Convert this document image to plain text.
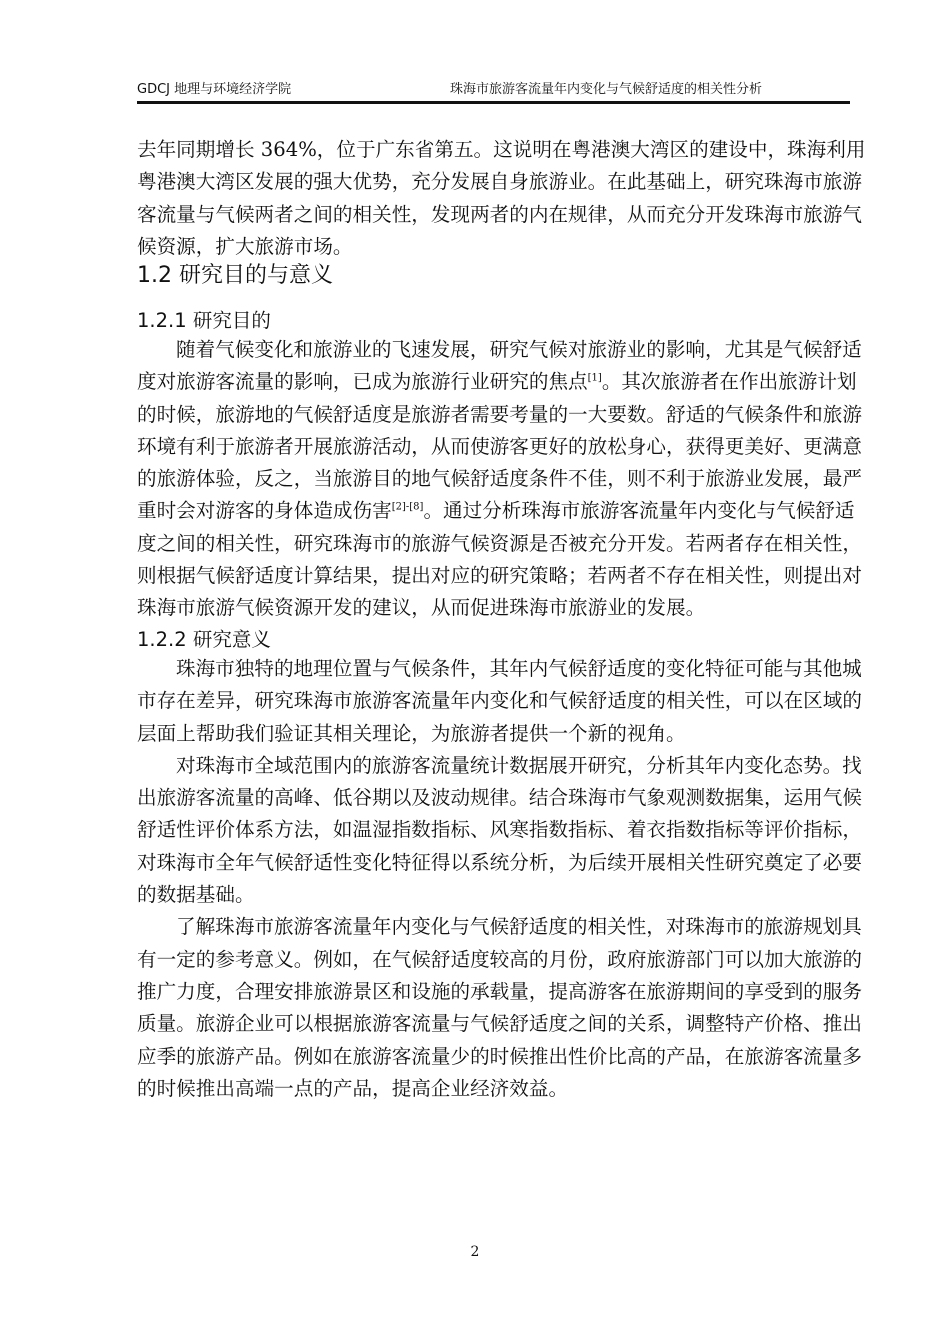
GDCJ 地理与环境经济学院	珠海市旅游客流量年内变化与气候舒适度的相关性分析
去年同期增长 364%，位于广东省第五。这说明在粤港澳大湾区的建设中，珠海利用
粤港澳大湾区发展的强大优势，充分发展自身旅游业。在此基础上，研究珠海市旅游
客流量与气候两者之间的相关性，发现两者的内在规律，从而充分开发珠海市旅游气
候资源，扩大旅游市场。
1.2 研究目的与意义
1.2.1 研究目的
随着气候变化和旅游业的飞速发展，研究气候对旅游业的影响，尤其是气候舒适
度对旅游客流量的影响，已成为旅游行业研究的焦点[1]。其次旅游者在作出旅游计划
的时候，旅游地的气候舒适度是旅游者需要考量的一大要数。舒适的气候条件和旅游
环境有利于旅游者开展旅游活动，从而使游客更好的放松身心，获得更美好、更满意
的旅游体验，反之，当旅游目的地气候舒适度条件不佳，则不利于旅游业发展，最严
重时会对游客的身体造成伤害[2]-[8]。通过分析珠海市旅游客流量年内变化与气候舒适
度之间的相关性，研究珠海市的旅游气候资源是否被充分开发。若两者存在相关性，
则根据气候舒适度计算结果，提出对应的研究策略；若两者不存在相关性，则提出对
珠海市旅游气候资源开发的建议，从而促进珠海市旅游业的发展。
1.2.2 研究意义
珠海市独特的地理位置与气候条件，其年内气候舒适度的变化特征可能与其他城
市存在差异，研究珠海市旅游客流量年内变化和气候舒适度的相关性，可以在区域的
层面上帮助我们验证其相关理论，为旅游者提供一个新的视角。
对珠海市全域范围内的旅游客流量统计数据展开研究，分析其年内变化态势。找
出旅游客流量的高峰、低谷期以及波动规律。结合珠海市气象观测数据集，运用气候
舒适性评价体系方法，如温湿指数指标、风寒指数指标、着衣指数指标等评价指标，
对珠海市全年气候舒适性变化特征得以系统分析，为后续开展相关性研究奠定了必要
的数据基础。
了解珠海市旅游客流量年内变化与气候舒适度的相关性，对珠海市的旅游规划具
有一定的参考意义。例如，在气候舒适度较高的月份，政府旅游部门可以加大旅游的
推广力度，合理安排旅游景区和设施的承载量，提高游客在旅游期间的享受到的服务
质量。旅游企业可以根据旅游客流量与气候舒适度之间的关系，调整特产价格、推出
应季的旅游产品。例如在旅游客流量少的时候推出性价比高的产品，在旅游客流量多
的时候推出高端一点的产品，提高企业经济效益。
2
